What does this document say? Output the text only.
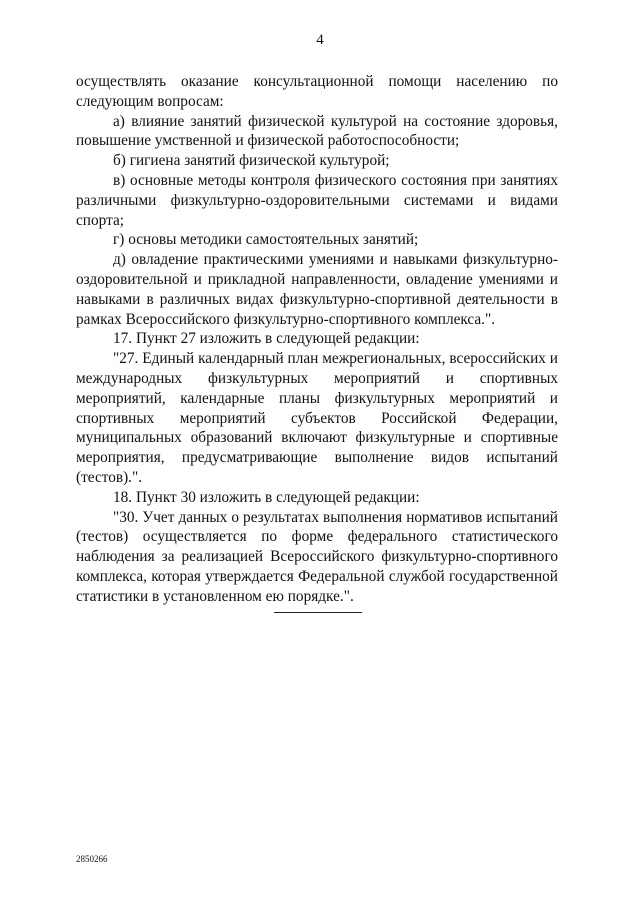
4

осуществлять оказание консультационной помощи населению по следующим вопросам:

а) влияние занятий физической культурой на состояние здоровья, повышение умственной и физической работоспособности;

б) гигиена занятий физической культурой;

в) основные методы контроля физического состояния при занятиях различными физкультурно-оздоровительными системами и видами спорта;

г) основы методики самостоятельных занятий;

д) овладение практическими умениями и навыками физкультурно-оздоровительной и прикладной направленности, овладение умениями и навыками в различных видах физкультурно-спортивной деятельности в рамках Всероссийского физкультурно-спортивного комплекса.".

17. Пункт 27 изложить в следующей редакции:

"27. Единый календарный план межрегиональных, всероссийских и международных физкультурных мероприятий и спортивных мероприятий, календарные планы физкультурных мероприятий и спортивных мероприятий субъектов Российской Федерации, муниципальных образований включают физкультурные и спортивные мероприятия, предусматривающие выполнение видов испытаний (тестов).".

18. Пункт 30 изложить в следующей редакции:

"30. Учет данных о результатах выполнения нормативов испытаний (тестов) осуществляется по форме федерального статистического наблюдения за реализацией Всероссийского физкультурно-спортивного комплекса, которая утверждается Федеральной службой государственной статистики в установленном ею порядке.".

2850266
